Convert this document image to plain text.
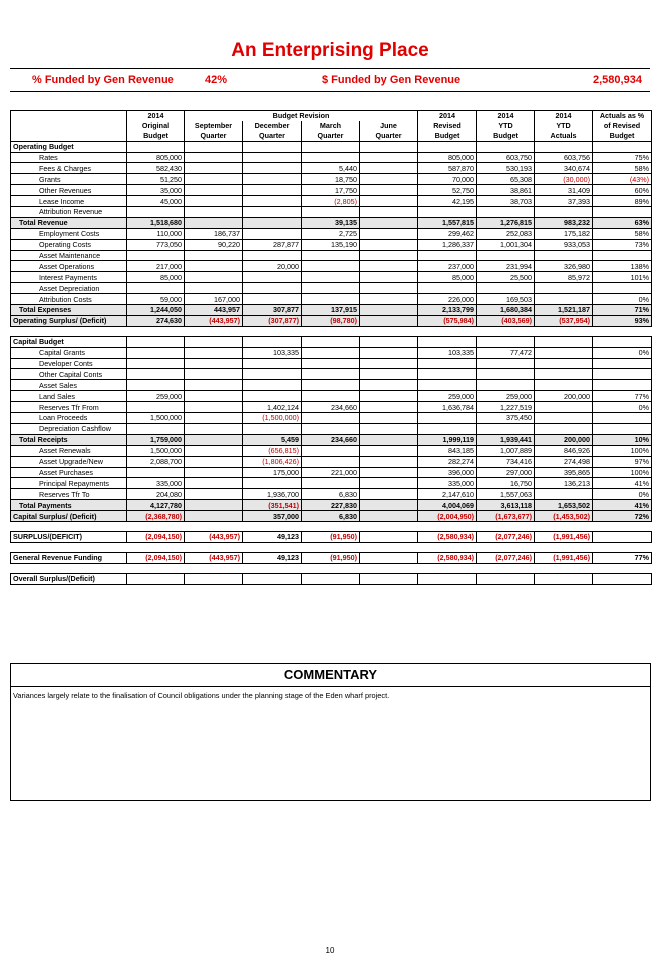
An Enterprising Place
% Funded by Gen Revenue	42%	$ Funded by Gen Revenue	2,580,934
	2014	Budget Revision				2014	2014	2014	Actuals as %
	Original	September	December	March	June	Revised	YTD	YTD	of Revised
	Budget	Quarter	Quarter	Quarter	Quarter	Budget	Budget	Actuals	Budget
Operating Budget									
Rates	805,000					805,000	603,750	603,756	75%
Fees & Charges	582,430			5,440		587,870	530,193	340,674	58%
Grants	51,250			18,750		70,000	65,308	(30,000)	(43%)
Other Revenues	35,000			17,750		52,750	38,861	31,409	60%
Lease Income	45,000			(2,805)		42,195	38,703	37,393	89%
Attribution Revenue									
Total Revenue	1,518,680			39,135		1,557,815	1,276,815	983,232	63%
Employment Costs	110,000	186,737		2,725		299,462	252,083	175,182	58%
Operating Costs	773,050	90,220	287,877	135,190		1,286,337	1,001,304	933,053	73%
Asset Maintenance									
Asset Operations	217,000		20,000			237,000	231,994	326,980	138%
Interest Payments	85,000					85,000	25,500	85,972	101%
Asset Depreciation									
Attribution Costs	59,000	167,000				226,000	169,503		0%
Total Expenses	1,244,050	443,957	307,877	137,915		2,133,799	1,680,384	1,521,187	71%
Operating Surplus/ (Deficit)	274,630	(443,957)	(307,877)	(98,780)		(575,984)	(403,569)	(537,954)	93%

Capital Budget									
Capital Grants			103,335			103,335	77,472		0%
Developer Conts									
Other Capital Conts									
Asset Sales									
Land Sales	259,000					259,000	259,000	200,000	77%
Reserves Tfr From			1,402,124	234,660		1,636,784	1,227,519		0%
Loan Proceeds	1,500,000		(1,500,000)				375,450		
Depreciation Cashflow									
Total Receipts	1,759,000		5,459	234,660		1,999,119	1,939,441	200,000	10%
Asset Renewals	1,500,000		(656,815)			843,185	1,007,889	846,926	100%
Asset Upgrade/New	2,088,700		(1,806,426)			282,274	734,416	274,498	97%
Asset Purchases			175,000	221,000		396,000	297,000	395,865	100%
Principal Repayments	335,000					335,000	16,750	136,213	41%
Reserves Tfr To	204,080		1,936,700	6,830		2,147,610	1,557,063		0%
Total Payments	4,127,780		(351,541)	227,830		4,004,069	3,613,118	1,653,502	41%
Capital Surplus/ (Deficit)	(2,368,780)		357,000	6,830		(2,004,950)	(1,673,677)	(1,453,502)	72%

SURPLUS/(DEFICIT)	(2,094,150)	(443,957)	49,123	(91,950)		(2,580,934)	(2,077,246)	(1,991,456)	

General Revenue Funding	(2,094,150)	(443,957)	49,123	(91,950)		(2,580,934)	(2,077,246)	(1,991,456)	77%

Overall Surplus/(Deficit)									
COMMENTARY
Variances largely relate to the finalisation of Council obligations under the planning stage of the Eden wharf project.
10
